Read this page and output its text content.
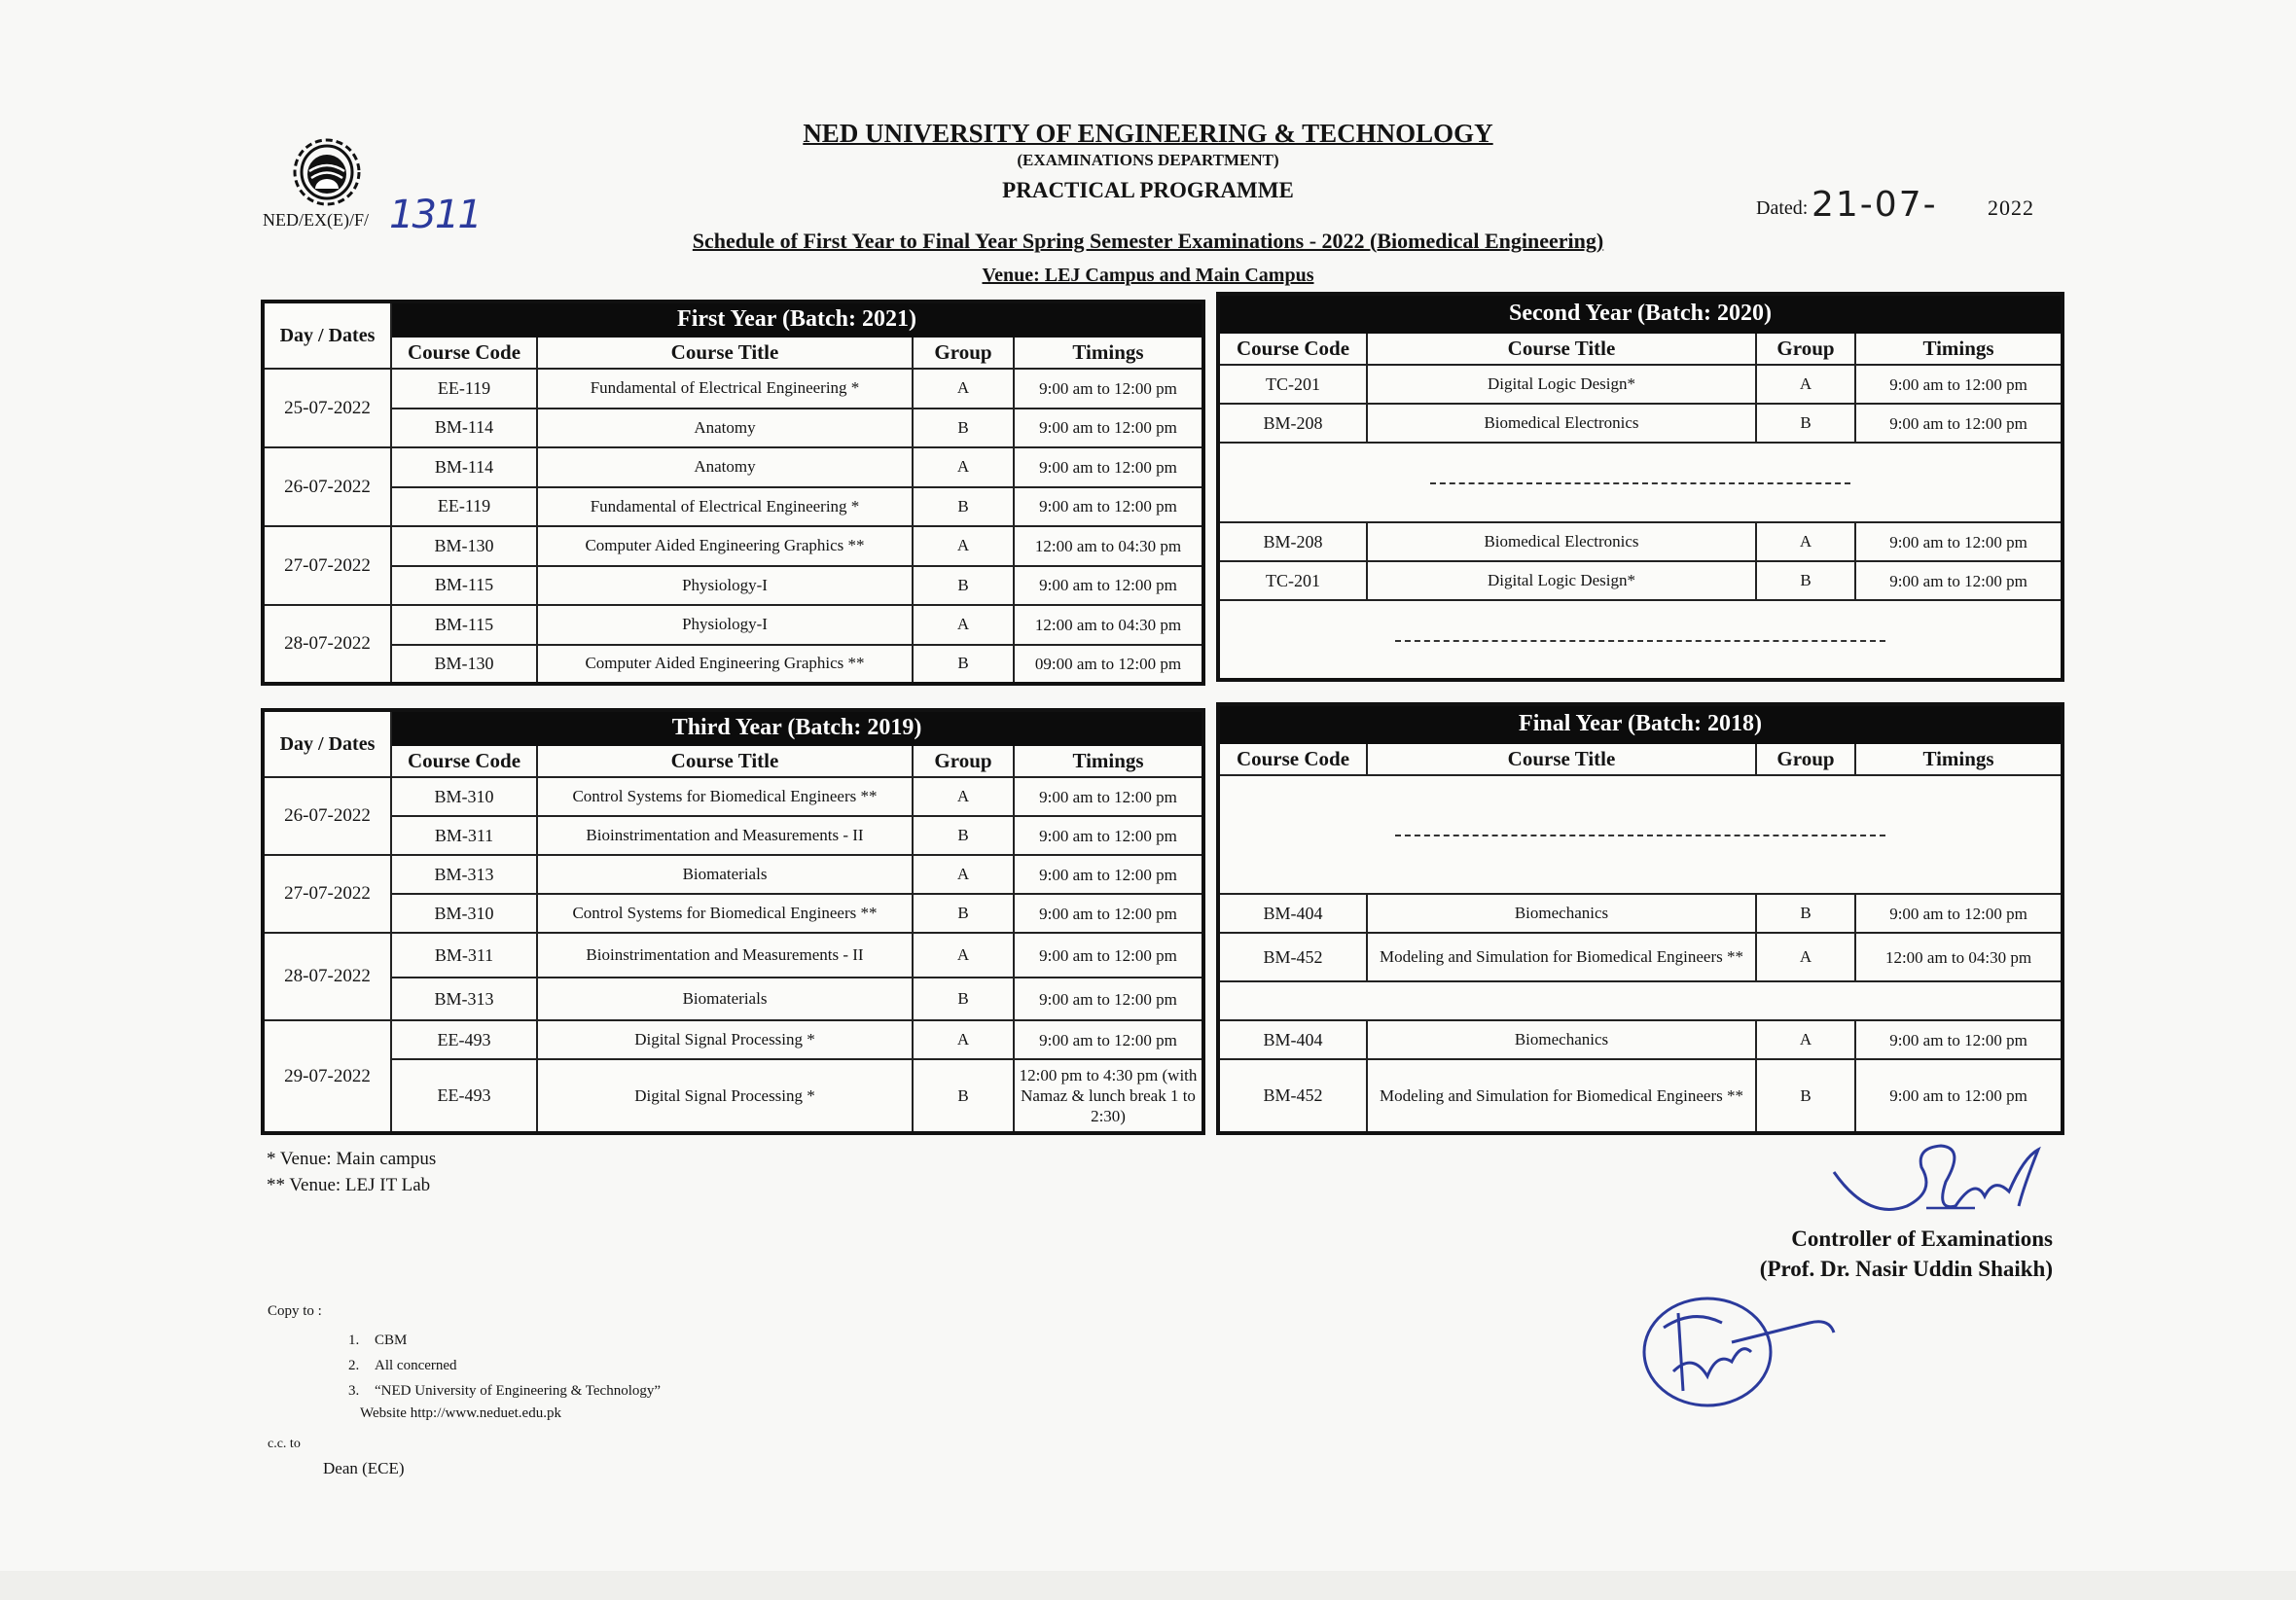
NED UNIVERSITY OF ENGINEERING & TECHNOLOGY
(EXAMINATIONS DEPARTMENT)
PRACTICAL PROGRAMME
NED/EX(E)/F/ 1311	Dated: 21-07- 2022
Schedule of First Year to Final Year Spring Semester Examinations - 2022 (Biomedical Engineering)
Venue: LEJ Campus and Main Campus
Day / Dates	First Year (Batch: 2021)			
	Course Code	Course Title	Group	Timings
25-07-2022	EE-119	Fundamental of Electrical Engineering *	A	9:00 am to 12:00 pm
	BM-114	Anatomy	B	9:00 am to 12:00 pm
26-07-2022	BM-114	Anatomy	A	9:00 am to 12:00 pm
	EE-119	Fundamental of Electrical Engineering *	B	9:00 am to 12:00 pm
27-07-2022	BM-130	Computer Aided Engineering Graphics **	A	12:00 am to 04:30 pm
	BM-115	Physiology-I	B	9:00 am to 12:00 pm
28-07-2022	BM-115	Physiology-I	A	12:00 am to 04:30 pm
	BM-130	Computer Aided Engineering Graphics **	B	09:00 am to 12:00 pm
Second Year (Batch: 2020)			
Course Code	Course Title	Group	Timings
TC-201	Digital Logic Design*	A	9:00 am to 12:00 pm
BM-208	Biomedical Electronics	B	9:00 am to 12:00 pm

BM-208	Biomedical Electronics	A	9:00 am to 12:00 pm
TC-201	Digital Logic Design*	B	9:00 am to 12:00 pm

Day / Dates	Third Year (Batch: 2019)			
	Course Code	Course Title	Group	Timings
26-07-2022	BM-310	Control Systems for Biomedical Engineers **	A	9:00 am to 12:00 pm
	BM-311	Bioinstrimentation and Measurements - II	B	9:00 am to 12:00 pm
27-07-2022	BM-313	Biomaterials	A	9:00 am to 12:00 pm
	BM-310	Control Systems for Biomedical Engineers **	B	9:00 am to 12:00 pm
28-07-2022	BM-311	Bioinstrimentation and Measurements - II	A	9:00 am to 12:00 pm
	BM-313	Biomaterials	B	9:00 am to 12:00 pm
29-07-2022	EE-493	Digital Signal Processing *	A	9:00 am to 12:00 pm
	EE-493	Digital Signal Processing *	B	12:00 pm to 4:30 pm (with Namaz & lunch break 1 to 2:30)
Final Year (Batch: 2018)			
Course Code	Course Title	Group	Timings

BM-404	Biomechanics	B	9:00 am to 12:00 pm
BM-452	Modeling and Simulation for Biomedical Engineers **	A	12:00 am to 04:30 pm

BM-404	Biomechanics	A	9:00 am to 12:00 pm
BM-452	Modeling and Simulation for Biomedical Engineers **	B	9:00 am to 12:00 pm
* Venue: Main campus
** Venue: LEJ IT Lab
Copy to :
1. CBM
2. All concerned
3. “NED University of Engineering & Technology”
Website http://www.neduet.edu.pk
c.c. to
Dean (ECE)
Controller of Examinations
(Prof. Dr. Nasir Uddin Shaikh)
